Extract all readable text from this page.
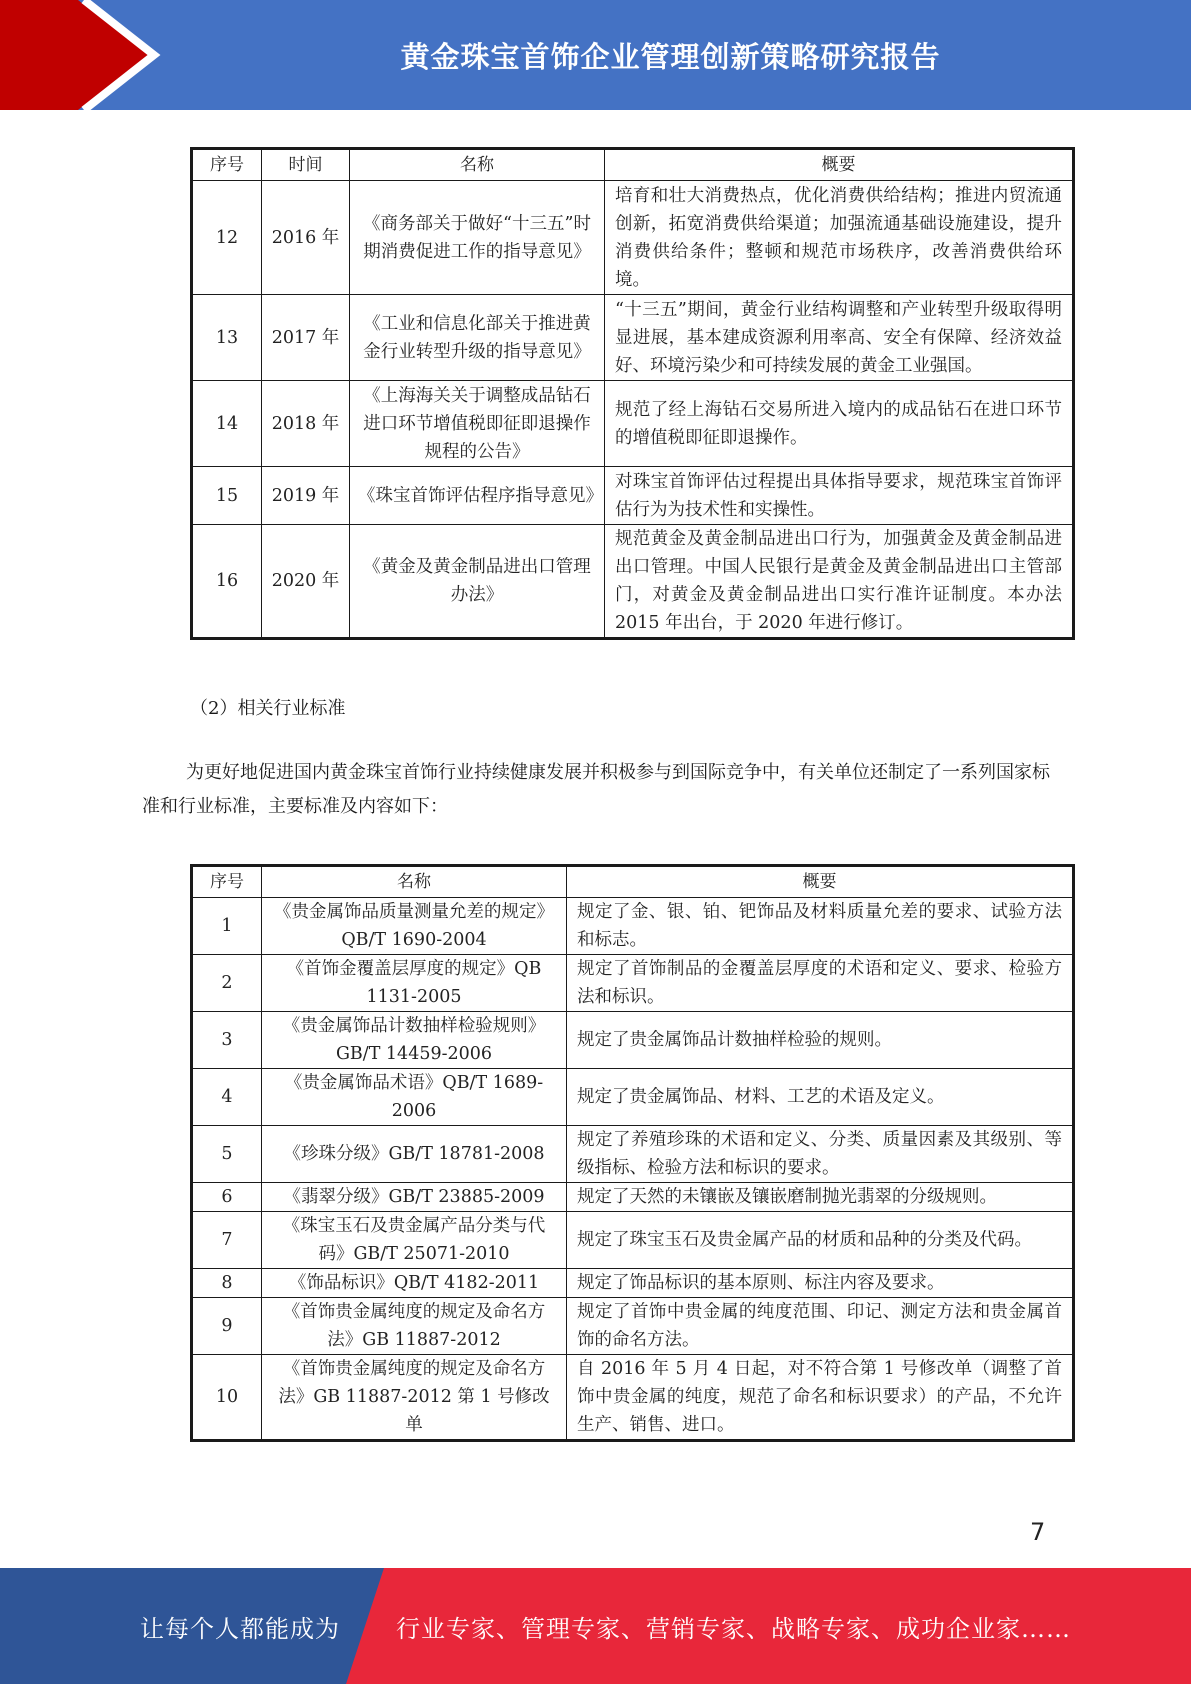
黄金珠宝首饰企业管理创新策略研究报告
序号	时间	名称	概要
12	2016 年	《商务部关于做好“十三五”时期消费促进工作的指导意见》	培育和壮大消费热点，优化消费供给结构；推进内贸流通创新，拓宽消费供给渠道；加强流通基础设施建设，提升消费供给条件；整顿和规范市场秩序，改善消费供给环境。
13	2017 年	《工业和信息化部关于推进黄金行业转型升级的指导意见》	“十三五”期间，黄金行业结构调整和产业转型升级取得明显进展，基本建成资源利用率高、安全有保障、经济效益好、环境污染少和可持续发展的黄金工业强国。
14	2018 年	《上海海关关于调整成品钻石进口环节增值税即征即退操作规程的公告》	规范了经上海钻石交易所进入境内的成品钻石在进口环节的增值税即征即退操作。
15	2019 年	《珠宝首饰评估程序指导意见》	对珠宝首饰评估过程提出具体指导要求，规范珠宝首饰评估行为为技术性和实操性。
16	2020 年	《黄金及黄金制品进出口管理办法》	规范黄金及黄金制品进出口行为，加强黄金及黄金制品进出口管理。中国人民银行是黄金及黄金制品进出口主管部门，对黄金及黄金制品进出口实行准许证制度。本办法 2015 年出台，于 2020 年进行修订。
（2）相关行业标准
为更好地促进国内黄金珠宝首饰行业持续健康发展并积极参与到国际竞争中，有关单位还制定了一系列国家标准和行业标准，主要标准及内容如下：
序号	名称	概要
1	《贵金属饰品质量测量允差的规定》QB/T 1690-2004	规定了金、银、铂、钯饰品及材料质量允差的要求、试验方法和标志。
2	《首饰金覆盖层厚度的规定》QB 1131-2005	规定了首饰制品的金覆盖层厚度的术语和定义、要求、检验方法和标识。
3	《贵金属饰品计数抽样检验规则》GB/T 14459-2006	规定了贵金属饰品计数抽样检验的规则。
4	《贵金属饰品术语》QB/T 1689-2006	规定了贵金属饰品、材料、工艺的术语及定义。
5	《珍珠分级》GB/T 18781-2008	规定了养殖珍珠的术语和定义、分类、质量因素及其级别、等级指标、检验方法和标识的要求。
6	《翡翠分级》GB/T 23885-2009	规定了天然的未镶嵌及镶嵌磨制抛光翡翠的分级规则。
7	《珠宝玉石及贵金属产品分类与代码》GB/T 25071-2010	规定了珠宝玉石及贵金属产品的材质和品种的分类及代码。
8	《饰品标识》QB/T 4182-2011	规定了饰品标识的基本原则、标注内容及要求。
9	《首饰贵金属纯度的规定及命名方法》GB 11887-2012	规定了首饰中贵金属的纯度范围、印记、测定方法和贵金属首饰的命名方法。
10	《首饰贵金属纯度的规定及命名方法》GB 11887-2012 第 1 号修改单	自 2016 年 5 月 4 日起，对不符合第 1 号修改单（调整了首饰中贵金属的纯度，规范了命名和标识要求）的产品，不允许生产、销售、进口。
7
让每个人都能成为 行业专家、管理专家、营销专家、战略专家、成功企业家……
